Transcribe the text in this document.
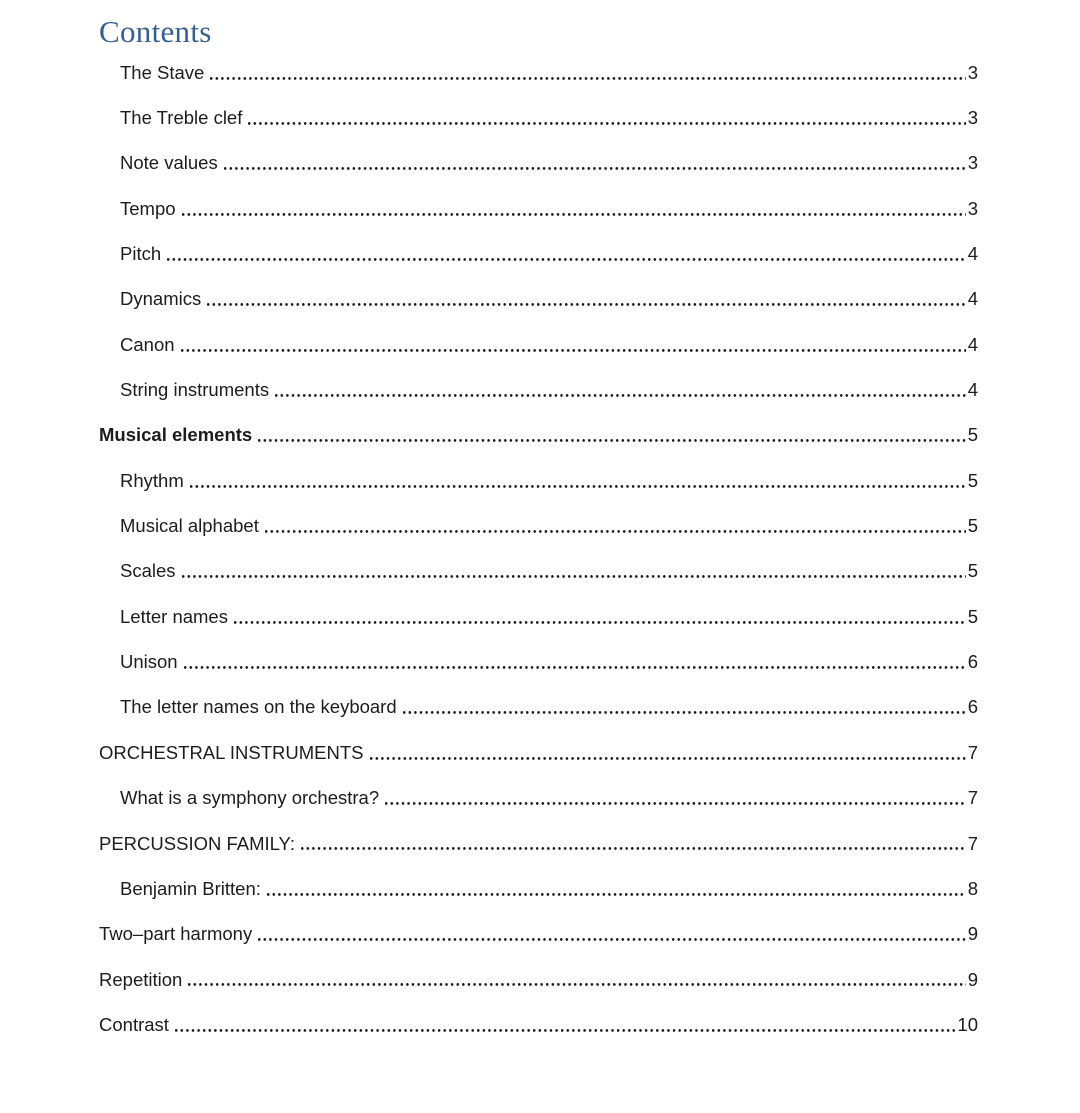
Contents
The Stave	3
The Treble clef	3
Note values	3
Tempo	3
Pitch	4
Dynamics	4
Canon	4
String instruments	4
Musical elements	5
Rhythm	5
Musical alphabet	5
Scales	5
Letter names	5
Unison	6
The letter names on the keyboard	6
ORCHESTRAL INSTRUMENTS	7
What is a symphony orchestra?	7
PERCUSSION FAMILY:	7
Benjamin Britten:	8
Two–part harmony	9
Repetition	9
Contrast	10
